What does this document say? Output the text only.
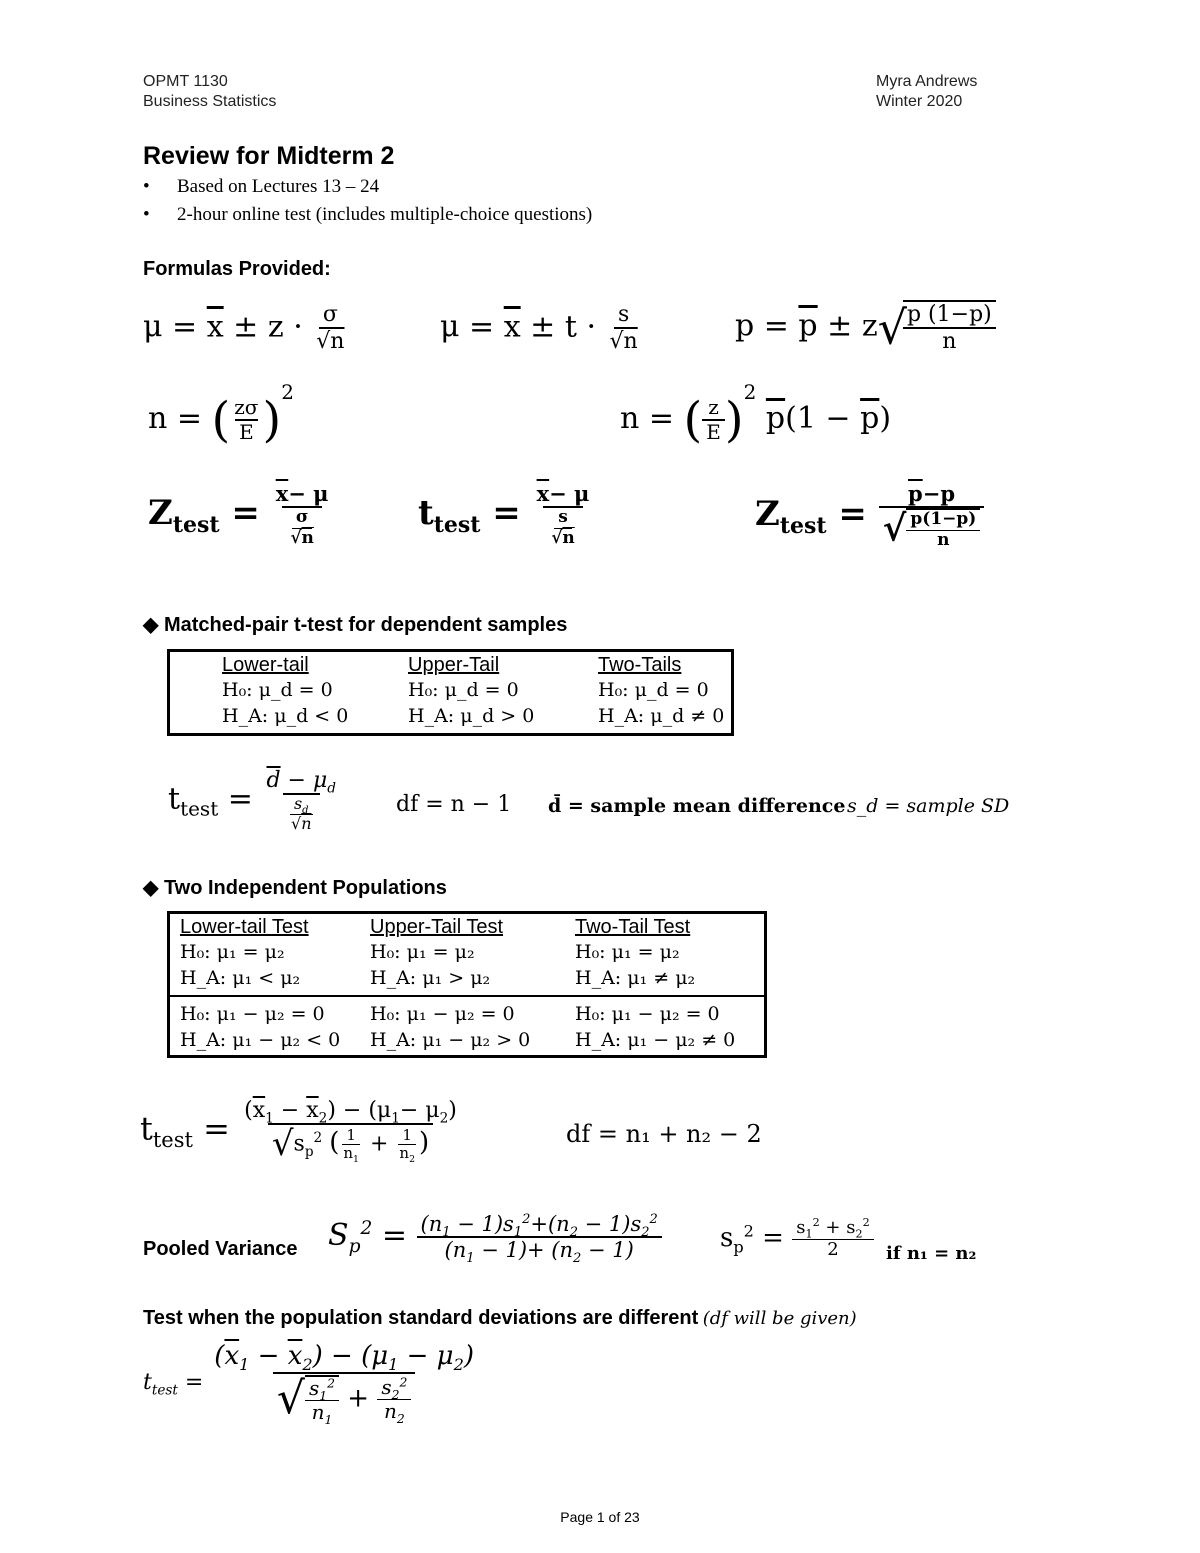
OPMT 1130
Business Statistics
Myra Andrews
Winter 2020
Review for Midterm 2
• Based on Lectures 13 – 24
• 2-hour online test (includes multiple-choice questions)
Formulas Provided:
$\mu = \overline{x} \pm z \cdot \frac{\sigma}{√n}$	$\mu = \overline{x} \pm t \cdot \frac{s}{√n}$	$p = \overline{p} \pm z√$
$\frac{p (1-\overline{p})}{n}$
n = ( $\frac{z\sigma}{E} )^2$
n = ( $\frac{z}{E} )^2$ $\overline{p}(1 - \overline{p})$
$Z_{test} = \frac{\overline{x}- \mu}{\frac{\sigma}{√n}}$	$t_{test} = \frac{\overline{x}- \mu}{\frac{s}{√n}}$	$Z_{test} = \frac{\overline{p}-p}{√ \frac{p(1-p)}{n}}$
◆ Matched-pair t-test for dependent samples
Lower-tail	Upper-Tail	Two-Tails
H₀: μ_d = 0	H₀: μ_d = 0	H₀: μ_d = 0
H_A: μ_d < 0	H_A: μ_d > 0	H_A: μ_d ≠ 0
$t_{test} = \frac{\overline{d} - \mu_d}{\frac{s_d}{√n}}$	df = n − 1 d̄ = sample mean difference s_d = sample SD
◆ Two Independent Populations
Lower-tail Test	Upper-Tail Test	Two-Tail Test
H₀: μ₁ = μ₂	H₀: μ₁ = μ₂	H₀: μ₁ = μ₂
H_A: μ₁ < μ₂	H_A: μ₁ > μ₂	H_A: μ₁ ≠ μ₂
H₀: μ₁ − μ₂ = 0	H₀: μ₁ − μ₂ = 0	H₀: μ₁ − μ₂ = 0
H_A: μ₁ − μ₂ < 0	H_A: μ₁ − μ₂ > 0	H_A: μ₁ − μ₂ ≠ 0
$t_{test} = \frac{(\overline{x}_1 - \overline{x}_2) - (\mu_1- \mu_2)}{√s_p^2 ( \frac{1}{n_1} + \frac{1}{n_2} )}$	df = n₁ + n₂ − 2
Pooled Variance $S_p^2 = \frac{(n_1 - 1)s_1^2+(n_2 - 1)s_2^2}{(n_1 - 1)+ (n_2 - 1)} s_p^2 = \frac{s_1^2 + s_2^2}{2}$ if n₁ = n₂
Test when the population standard deviations are different (df will be given)
$t_{test} = \frac{(\overline{x}_1 - \overline{x}_2) - (\mu_1 - \mu_2)}{√ \frac{s_1^2}{n_1} + \frac{s_2^2}{n_2}}$
Page 1 of 23
